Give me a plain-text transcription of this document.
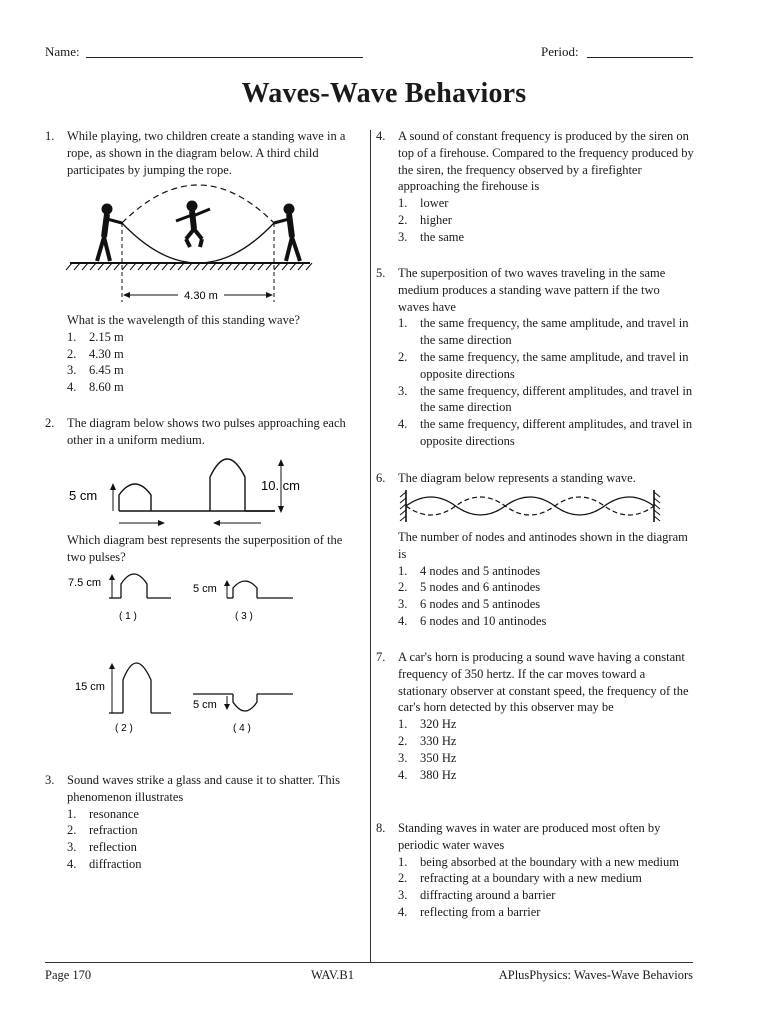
Name:	Period:
Waves-Wave Behaviors
1. While playing, two children create a standing wave in a rope, as shown in the diagram below. A third child participates by jumping the rope.
4.30 m
What is the wavelength of this standing wave?
1. 2.15 m
2. 4.30 m
3. 6.45 m
4. 8.60 m
2. The diagram below shows two pulses approaching each other in a uniform medium.
5 cm
10. cm
Which diagram best represents the superposition of the two pulses?
7.5 cm
( 1 )
5 cm
( 3 )
15 cm
( 2 )
5 cm
( 4 )
3. Sound waves strike a glass and cause it to shatter. This phenomenon illustrates
1. resonance
2. refraction
3. reflection
4. diffraction
4. A sound of constant frequency is produced by the siren on top of a firehouse. Compared to the frequency produced by the siren, the frequency observed by a firefighter approaching the firehouse is
1. lower
2. higher
3. the same
5. The superposition of two waves traveling in the same medium produces a standing wave pattern if the two waves have
1. the same frequency, the same amplitude, and travel in the same direction
2. the same frequency, the same amplitude, and travel in opposite directions
3. the same frequency, different amplitudes, and travel in the same direction
4. the same frequency, different amplitudes, and travel in opposite directions
6. The diagram below represents a standing wave.
The number of nodes and antinodes shown in the diagram is
1. 4 nodes and 5 antinodes
2. 5 nodes and 6 antinodes
3. 6 nodes and 5 antinodes
4. 6 nodes and 10 antinodes
7. A car's horn is producing a sound wave having a constant frequency of 350 hertz. If the car moves toward a stationary observer at constant speed, the frequency of the car's horn detected by this observer may be
1. 320 Hz
2. 330 Hz
3. 350 Hz
4. 380 Hz
8. Standing waves in water are produced most often by periodic water waves
1. being absorbed at the boundary with a new medium
2. refracting at a boundary with a new medium
3. diffracting around a barrier
4. reflecting from a barrier
Page 170	WAV.B1	APlusPhysics: Waves-Wave Behaviors
